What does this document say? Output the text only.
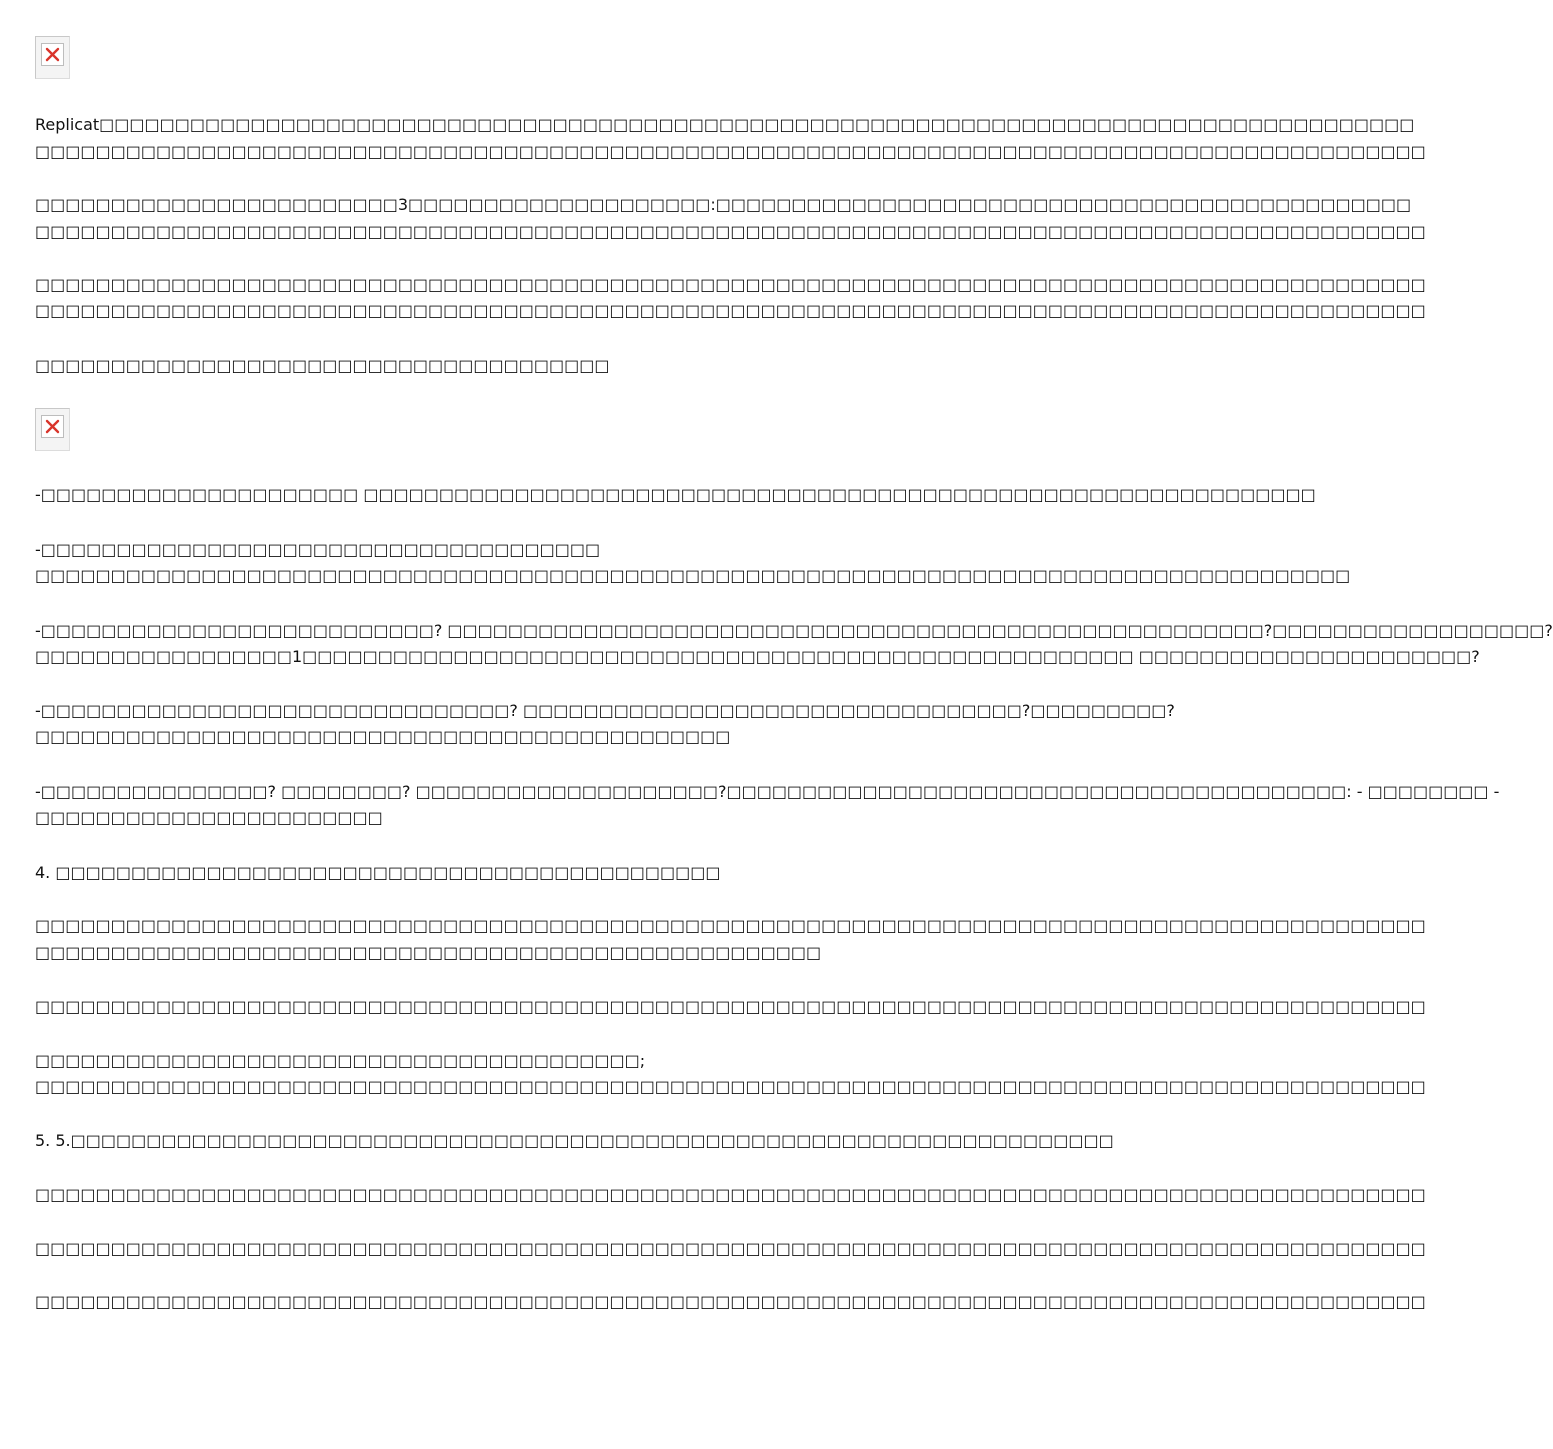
Replicat□□□□□□□□□□□□□□□□□□□□□□□□□□□□□□□□□□□□□□□□□□□□□□□□□□□□□□□□□□□□□□□□□□□□□□□□□□□□□□□□□□□□□□□
□□□□□□□□□□□□□□□□□□□□□□□□□□□□□□□□□□□□□□□□□□□□□□□□□□□□□□□□□□□□□□□□□□□□□□□□□□□□□□□□□□□□□□□□□□□□
□□□□□□□□□□□□□□□□□□□□□□□□3□□□□□□□□□□□□□□□□□□□□:□□□□□□□□□□□□□□□□□□□□□□□□□□□□□□□□□□□□□□□□□□□□□□
□□□□□□□□□□□□□□□□□□□□□□□□□□□□□□□□□□□□□□□□□□□□□□□□□□□□□□□□□□□□□□□□□□□□□□□□□□□□□□□□□□□□□□□□□□□□
□□□□□□□□□□□□□□□□□□□□□□□□□□□□□□□□□□□□□□□□□□□□□□□□□□□□□□□□□□□□□□□□□□□□□□□□□□□□□□□□□□□□□□□□□□□□
□□□□□□□□□□□□□□□□□□□□□□□□□□□□□□□□□□□□□□□□□□□□□□□□□□□□□□□□□□□□□□□□□□□□□□□□□□□□□□□□□□□□□□□□□□□□
□□□□□□□□□□□□□□□□□□□□□□□□□□□□□□□□□□□□□□
-□□□□□□□□□□□□□□□□□□□□□ □□□□□□□□□□□□□□□□□□□□□□□□□□□□□□□□□□□□□□□□□□□□□□□□□□□□□□□□□□□□□□□
-□□□□□□□□□□□□□□□□□□□□□□□□□□□□□□□□□□□□□
□□□□□□□□□□□□□□□□□□□□□□□□□□□□□□□□□□□□□□□□□□□□□□□□□□□□□□□□□□□□□□□□□□□□□□□□□□□□□□□□□□□□□□□
-□□□□□□□□□□□□□□□□□□□□□□□□□□? □□□□□□□□□□□□□□□□□□□□□□□□□□□□□□□□□□□□□□□□□□□□□□□□□□□□□□?□□□□□□□□□□□□□□□□□□?
□□□□□□□□□□□□□□□□□1□□□□□□□□□□□□□□□□□□□□□□□□□□□□□□□□□□□□□□□□□□□□□□□□□□□□□□□ □□□□□□□□□□□□□□□□□□□□□□?
-□□□□□□□□□□□□□□□□□□□□□□□□□□□□□□□? □□□□□□□□□□□□□□□□□□□□□□□□□□□□□□□□□?□□□□□□□□□?
□□□□□□□□□□□□□□□□□□□□□□□□□□□□□□□□□□□□□□□□□□□□□□
-□□□□□□□□□□□□□□□? □□□□□□□□? □□□□□□□□□□□□□□□□□□□□?□□□□□□□□□□□□□□□□□□□□□□□□□□□□□□□□□□□□□□□□□: - □□□□□□□□ -
□□□□□□□□□□□□□□□□□□□□□□□
4. □□□□□□□□□□□□□□□□□□□□□□□□□□□□□□□□□□□□□□□□□□□□
□□□□□□□□□□□□□□□□□□□□□□□□□□□□□□□□□□□□□□□□□□□□□□□□□□□□□□□□□□□□□□□□□□□□□□□□□□□□□□□□□□□□□□□□□□□□
□□□□□□□□□□□□□□□□□□□□□□□□□□□□□□□□□□□□□□□□□□□□□□□□□□□□
□□□□□□□□□□□□□□□□□□□□□□□□□□□□□□□□□□□□□□□□□□□□□□□□□□□□□□□□□□□□□□□□□□□□□□□□□□□□□□□□□□□□□□□□□□□□
□□□□□□□□□□□□□□□□□□□□□□□□□□□□□□□□□□□□□□□□;
□□□□□□□□□□□□□□□□□□□□□□□□□□□□□□□□□□□□□□□□□□□□□□□□□□□□□□□□□□□□□□□□□□□□□□□□□□□□□□□□□□□□□□□□□□□□
5. 5.□□□□□□□□□□□□□□□□□□□□□□□□□□□□□□□□□□□□□□□□□□□□□□□□□□□□□□□□□□□□□□□□□□□□□
□□□□□□□□□□□□□□□□□□□□□□□□□□□□□□□□□□□□□□□□□□□□□□□□□□□□□□□□□□□□□□□□□□□□□□□□□□□□□□□□□□□□□□□□□□□□
□□□□□□□□□□□□□□□□□□□□□□□□□□□□□□□□□□□□□□□□□□□□□□□□□□□□□□□□□□□□□□□□□□□□□□□□□□□□□□□□□□□□□□□□□□□□
□□□□□□□□□□□□□□□□□□□□□□□□□□□□□□□□□□□□□□□□□□□□□□□□□□□□□□□□□□□□□□□□□□□□□□□□□□□□□□□□□□□□□□□□□□□□
